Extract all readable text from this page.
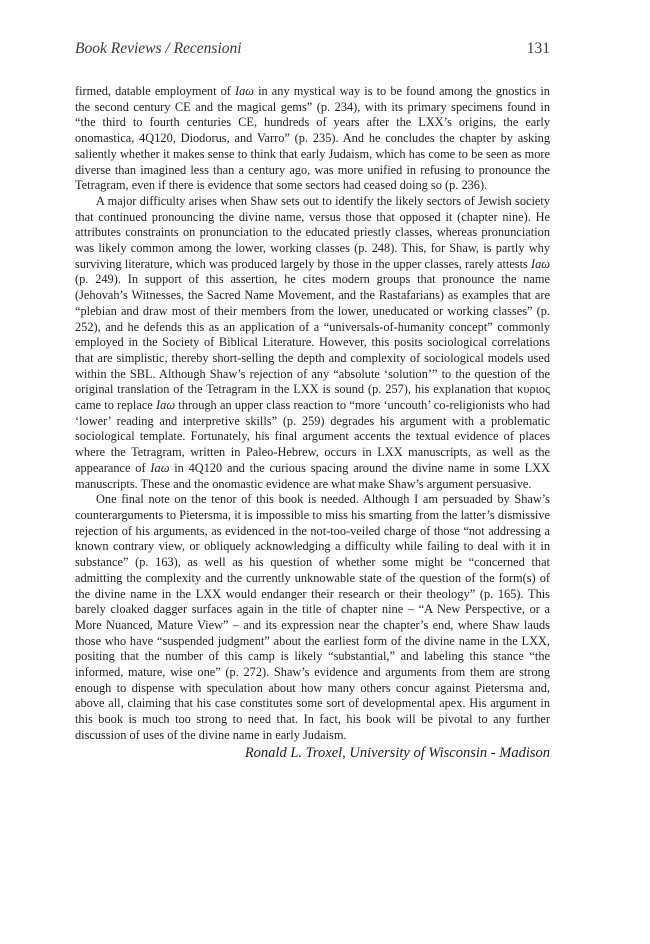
Book Reviews / Recensioni	131

firmed, datable employment of Iaω in any mystical way is to be found among the gnostics in the second century CE and the magical gems” (p. 234), with its primary specimens found in “the third to fourth centuries CE, hundreds of years after the LXX’s origins, the early onomastica, 4Q120, Diodorus, and Varro” (p. 235). And he concludes the chapter by asking saliently whether it makes sense to think that early Judaism, which has come to be seen as more diverse than imagined less than a century ago, was more unified in refusing to pronounce the Tetragram, even if there is evidence that some sectors had ceased doing so (p. 236).

A major difficulty arises when Shaw sets out to identify the likely sectors of Jewish society that continued pronouncing the divine name, versus those that opposed it (chapter nine). He attributes constraints on pronunciation to the educated priestly classes, whereas pronunciation was likely common among the lower, working classes (p. 248). This, for Shaw, is partly why surviving literature, which was produced largely by those in the upper classes, rarely attests Iaω (p. 249). In support of this assertion, he cites modern groups that pronounce the name (Jehovah’s Witnesses, the Sacred Name Movement, and the Rastafarians) as examples that are “plebian and draw most of their members from the lower, uneducated or working classes” (p. 252), and he defends this as an application of a “universals-of-humanity concept” commonly employed in the Society of Biblical Literature. However, this posits sociological correlations that are simplistic, thereby short-selling the depth and complexity of sociological models used within the SBL. Although Shaw’s rejection of any “absolute ‘solution’” to the question of the original translation of the Tetragram in the LXX is sound (p. 257), his explanation that κυριος came to replace Iaω through an upper class reaction to “more ‘uncouth’ co-religionists who had ‘lower’ reading and interpretive skills” (p. 259) degrades his argument with a problematic sociological template. Fortunately, his final argument accents the textual evidence of places where the Tetragram, written in Paleo-Hebrew, occurs in LXX manuscripts, as well as the appearance of Iaω in 4Q120 and the curious spacing around the divine name in some LXX manuscripts. These and the onomastic evidence are what make Shaw’s argument persuasive.

One final note on the tenor of this book is needed. Although I am persuaded by Shaw’s counterarguments to Pietersma, it is impossible to miss his smarting from the latter’s dismissive rejection of his arguments, as evidenced in the not-too-veiled charge of those “not addressing a known contrary view, or obliquely acknowledging a difficulty while failing to deal with it in substance” (p. 163), as well as his question of whether some might be “concerned that admitting the complexity and the currently unknowable state of the question of the form(s) of the divine name in the LXX would endanger their research or their theology” (p. 165). This barely cloaked dagger surfaces again in the title of chapter nine – “A New Perspective, or a More Nuanced, Mature View” – and its expression near the chapter’s end, where Shaw lauds those who have “suspended judgment” about the earliest form of the divine name in the LXX, positing that the number of this camp is likely “substantial,” and labeling this stance “the informed, mature, wise one” (p. 272). Shaw’s evidence and arguments from them are strong enough to dispense with speculation about how many others concur against Pietersma and, above all, claiming that his case constitutes some sort of developmental apex. His argument in this book is much too strong to need that. In fact, his book will be pivotal to any further discussion of uses of the divine name in early Judaism.

Ronald L. Troxel, University of Wisconsin - Madison
